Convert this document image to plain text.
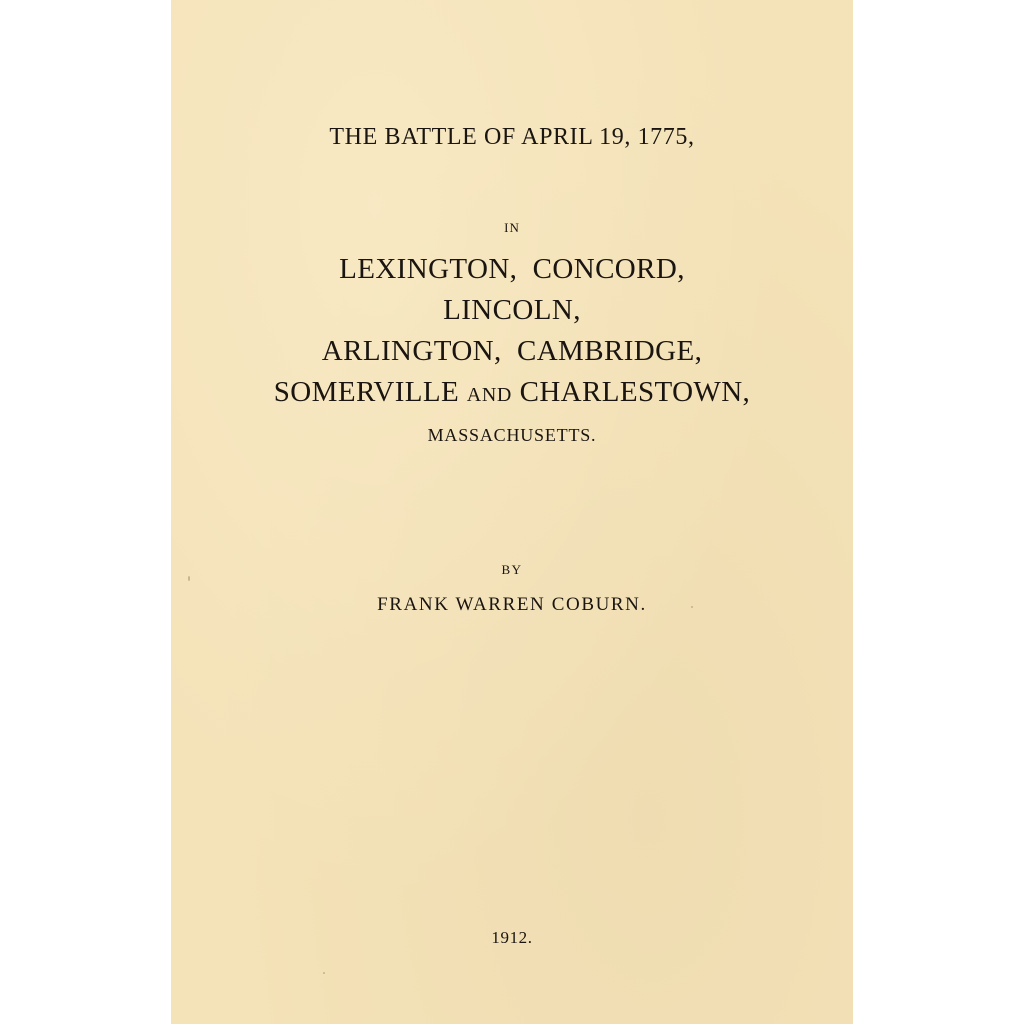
THE BATTLE OF APRIL 19, 1775,
IN
LEXINGTON,  CONCORD,
LINCOLN,
ARLINGTON,  CAMBRIDGE,
SOMERVILLE AND CHARLESTOWN,
MASSACHUSETTS.
BY
FRANK WARREN COBURN.
1912.
